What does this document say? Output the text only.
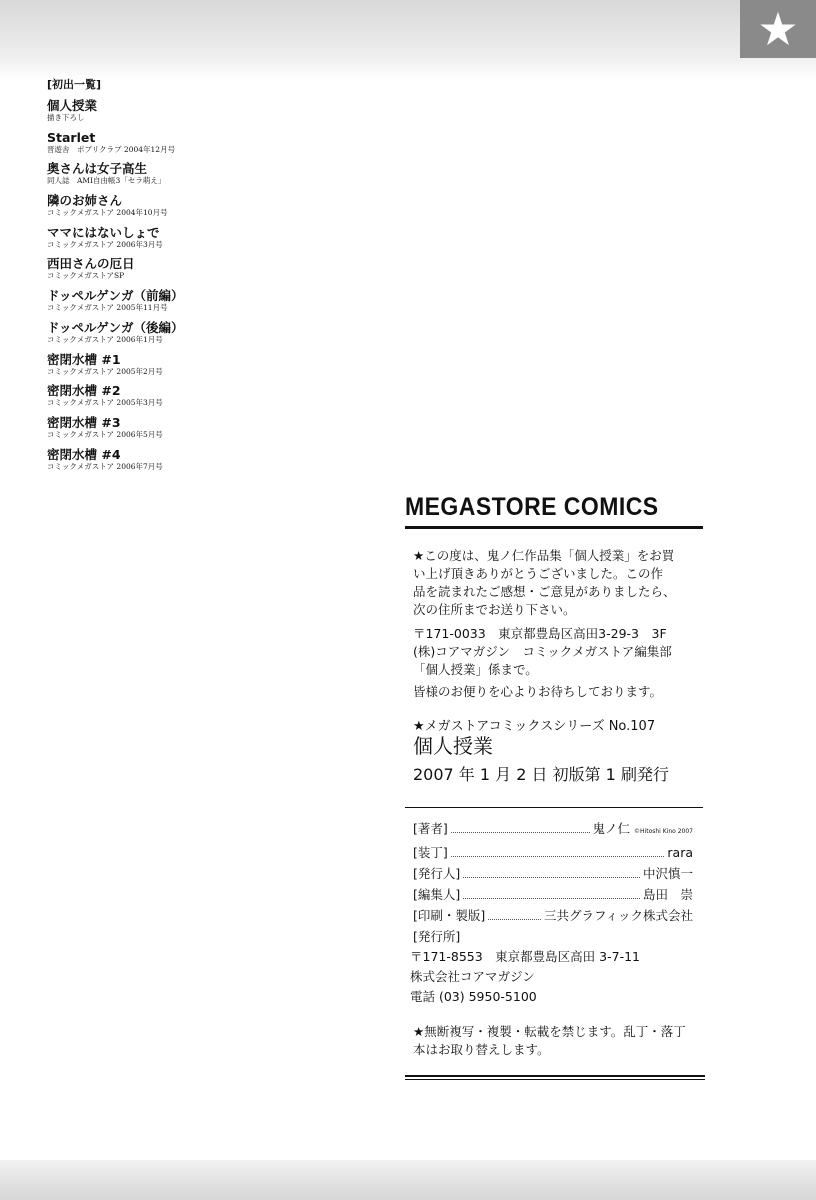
★
[初出一覧]
個人授業
描き下ろし
Starlet
晋遊舎　ポプリクラブ 2004年12月号
奥さんは女子高生
同人誌　AMI自由帳3「セラ萌え」
隣のお姉さん
コミックメガストア 2004年10月号
ママにはないしょで
コミックメガストア 2006年3月号
西田さんの厄日
コミックメガストアSP
ドッペルゲンガ（前編）
コミックメガストア 2005年11月号
ドッペルゲンガ（後編）
コミックメガストア 2006年1月号
密閉水槽 #1
コミックメガストア 2005年2月号
密閉水槽 #2
コミックメガストア 2005年3月号
密閉水槽 #3
コミックメガストア 2006年5月号
密閉水槽 #4
コミックメガストア 2006年7月号
MEGASTORE COMICS
★この度は、鬼ノ仁作品集「個人授業」をお買
い上げ頂きありがとうございました。この作
品を読まれたご感想・ご意見がありましたら、
次の住所までお送り下さい。
〒171-0033　東京都豊島区高田3-29-3　3F
(株)コアマガジン　コミックメガストア編集部
「個人授業」係まで。
皆様のお便りを心よりお待ちしております。
★メガストアコミックスシリーズ No.107
個人授業
2007 年 1 月 2 日 初版第 1 刷発行
[著者]	鬼ノ仁 ©Hitoshi Kino 2007
[装丁]	rara
[発行人]	中沢慎一
[編集人]	島田　崇
[印刷・製版]	三共グラフィック株式会社
[発行所]
〒171-8553　東京都豊島区高田 3-7-11
株式会社コアマガジン
電話 (03) 5950-5100
★無断複写・複製・転載を禁じます。乱丁・落丁
本はお取り替えします。
